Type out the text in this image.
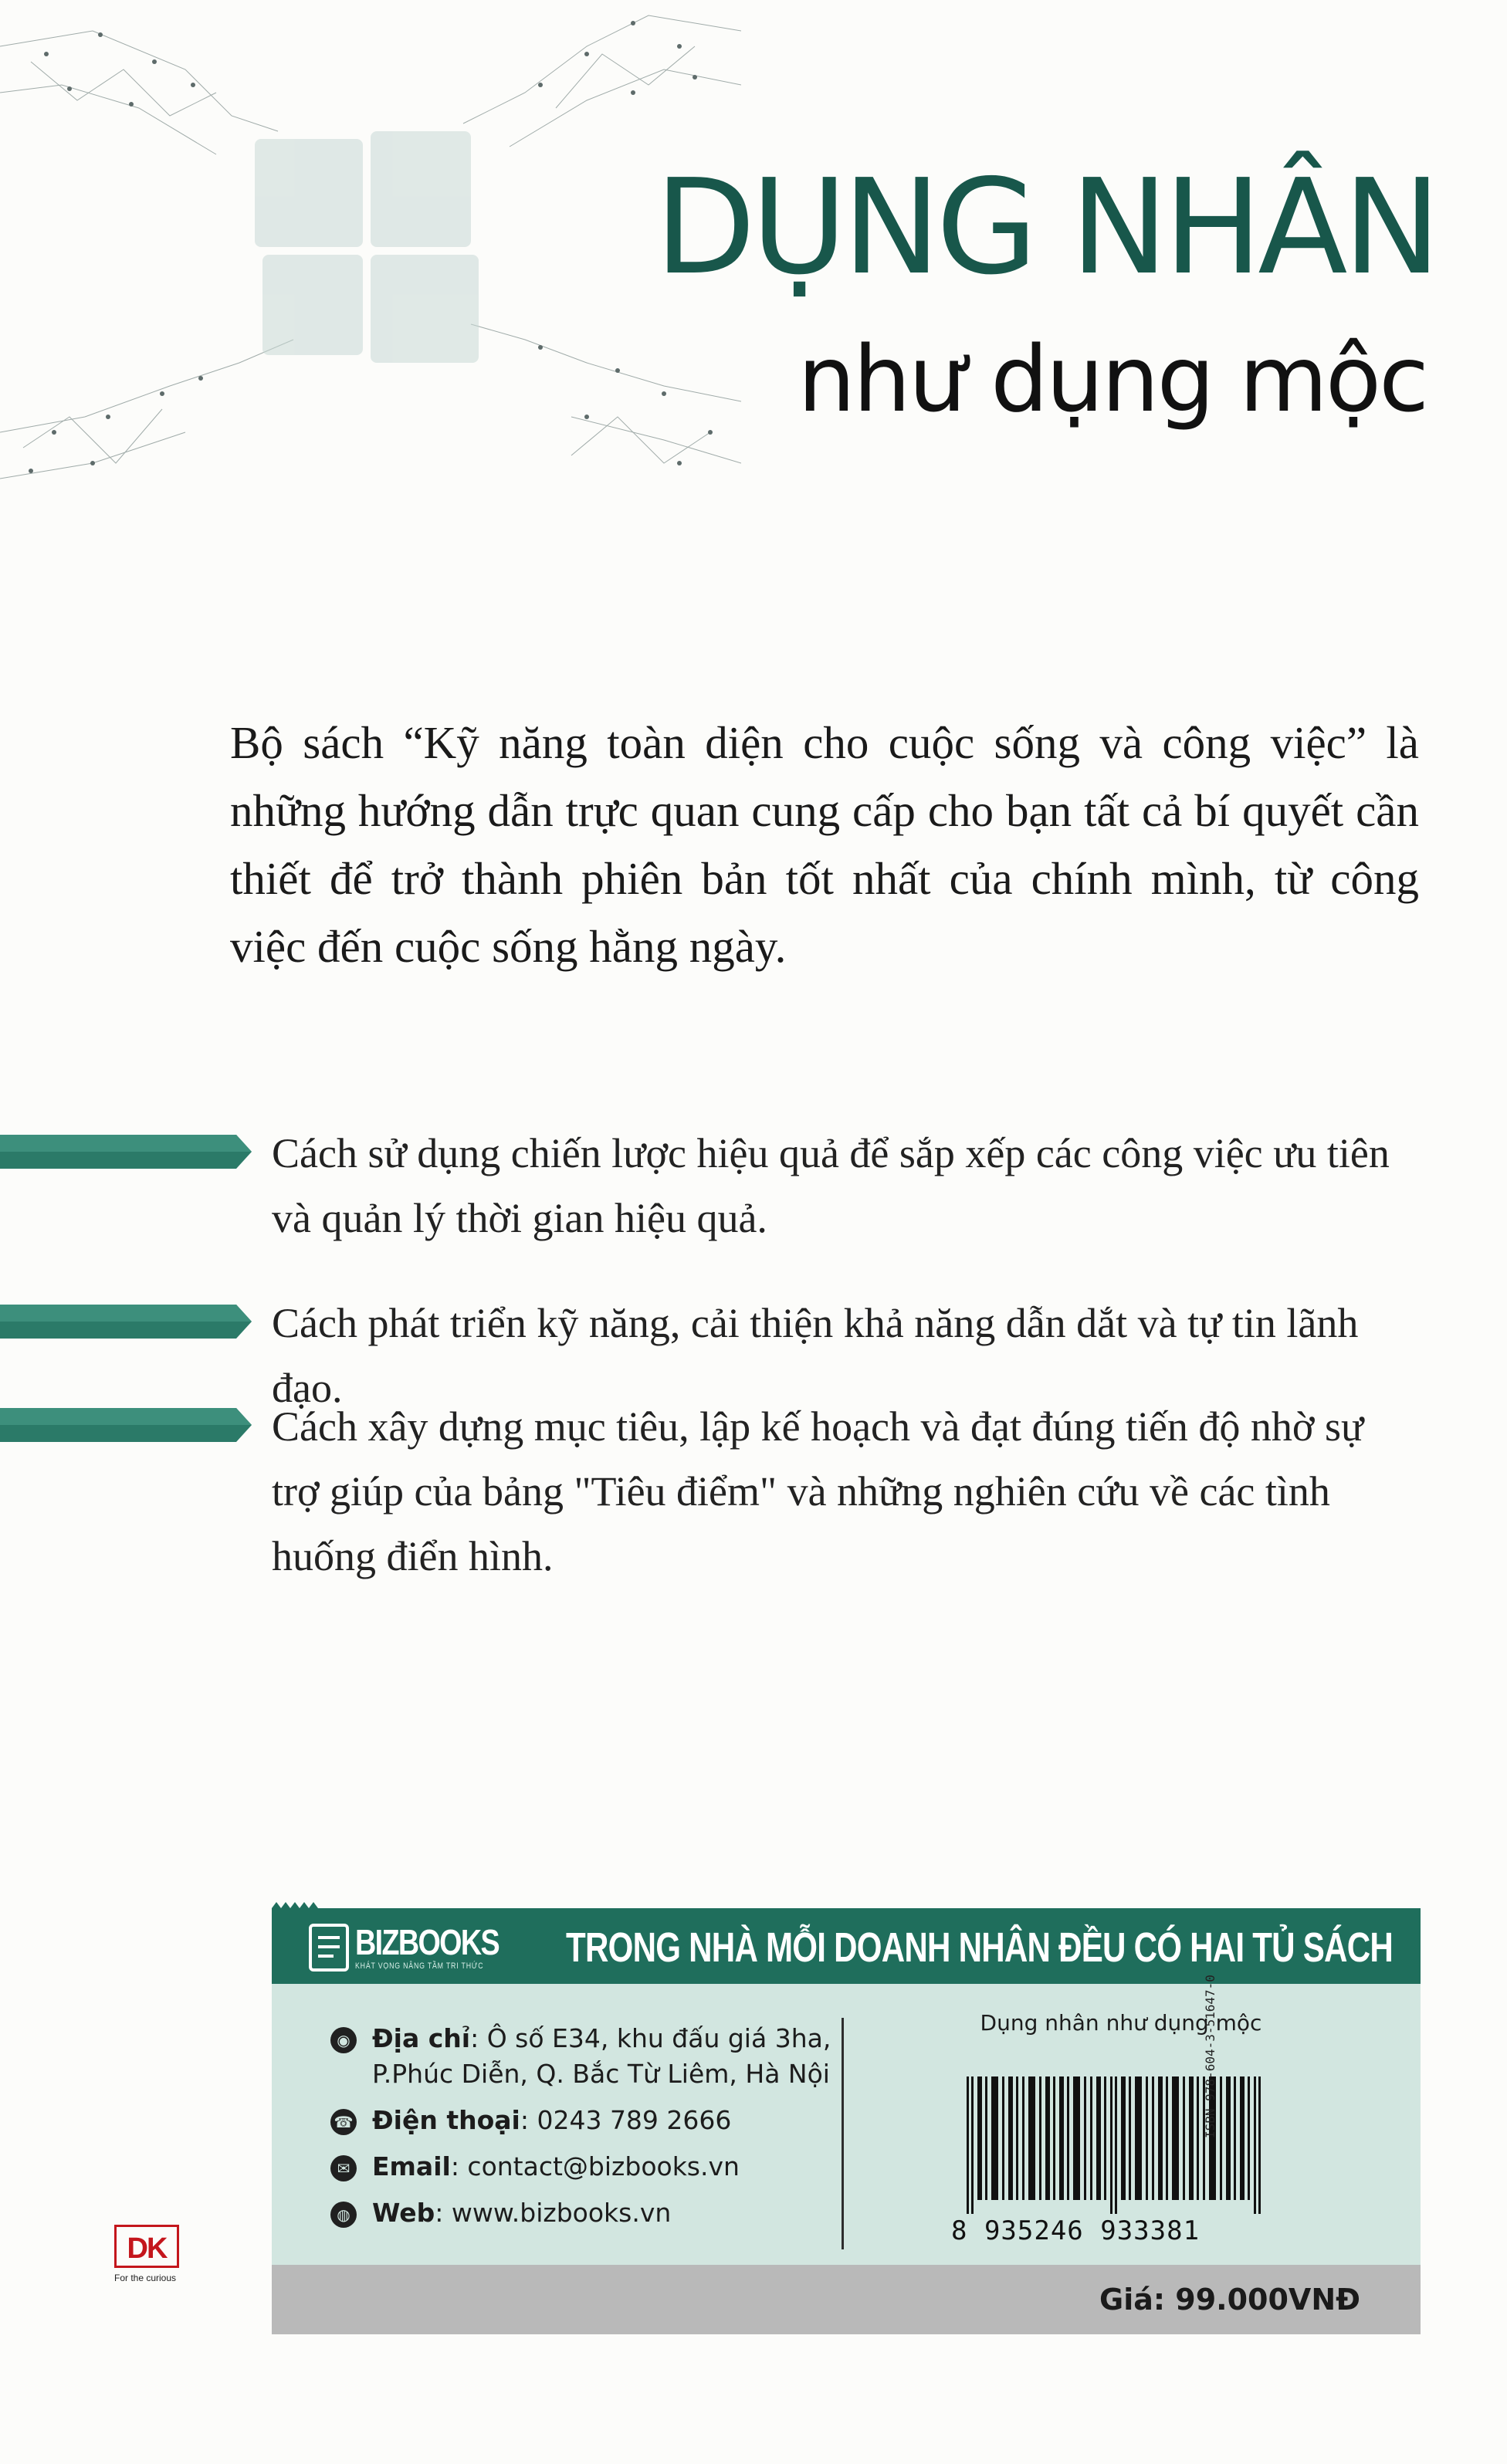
DỤNG NHÂN
như dụng mộc
Bộ sách “Kỹ năng toàn diện cho cuộc sống và công việc” là những hướng dẫn trực quan cung cấp cho bạn tất cả bí quyết cần thiết để trở thành phiên bản tốt nhất của chính mình, từ công việc đến cuộc sống hằng ngày.
Cách sử dụng chiến lược hiệu quả để sắp xếp các công việc ưu tiên và quản lý thời gian hiệu quả.
Cách phát triển kỹ năng, cải thiện khả năng dẫn dắt và tự tin lãnh đạo.
Cách xây dựng mục tiêu, lập kế hoạch và đạt đúng tiến độ nhờ sự trợ giúp của bảng "Tiêu điểm" và những nghiên cứu về các tình huống điển hình.
BIZBOOKS
KHÁT VỌNG NÂNG TẦM TRI THỨC TRONG NHÀ MỖI DOANH NHÂN ĐỀU CÓ HAI TỦ SÁCH
◉ Địa chỉ: Ô số E34, khu đấu giá 3ha,
P.Phúc Diễn, Q. Bắc Từ Liêm, Hà Nội
☎ Điện thoại: 0243 789 2666
✉ Email: contact@bizbooks.vn
◍ Web: www.bizbooks.vn
Dụng nhân như dụng mộc
8 935246 933381
ISBN 978-604-3-51647-0
Giá: 99.000VNĐ
DK
For the curious
